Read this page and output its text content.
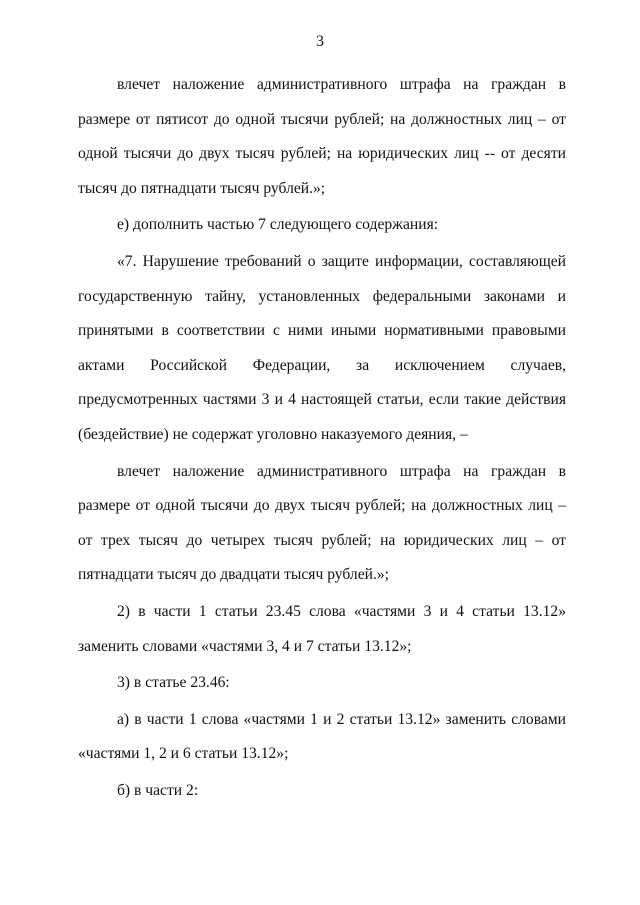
3

влечет наложение административного штрафа на граждан в размере от пятисот до одной тысячи рублей; на должностных лиц – от одной тысячи до двух тысяч рублей; на юридических лиц -- от десяти тысяч до пятнадцати тысяч рублей.»;

е) дополнить частью 7 следующего содержания:

«7. Нарушение требований о защите информации, составляющей государственную тайну, установленных федеральными законами и принятыми в соответствии с ними иными нормативными правовыми актами Российской Федерации, за исключением случаев, предусмотренных частями 3 и 4 настоящей статьи, если такие действия (бездействие) не содержат уголовно наказуемого деяния, –

влечет наложение административного штрафа на граждан в размере от одной тысячи до двух тысяч рублей; на должностных лиц – от трех тысяч до четырех тысяч рублей; на юридических лиц – от пятнадцати тысяч до двадцати тысяч рублей.»;

2) в части 1 статьи 23.45 слова «частями 3 и 4 статьи 13.12» заменить словами «частями 3, 4 и 7 статьи 13.12»;

3) в статье 23.46:

а) в части 1 слова «частями 1 и 2 статьи 13.12» заменить словами «частями 1, 2 и 6 статьи 13.12»;

б) в части 2:
